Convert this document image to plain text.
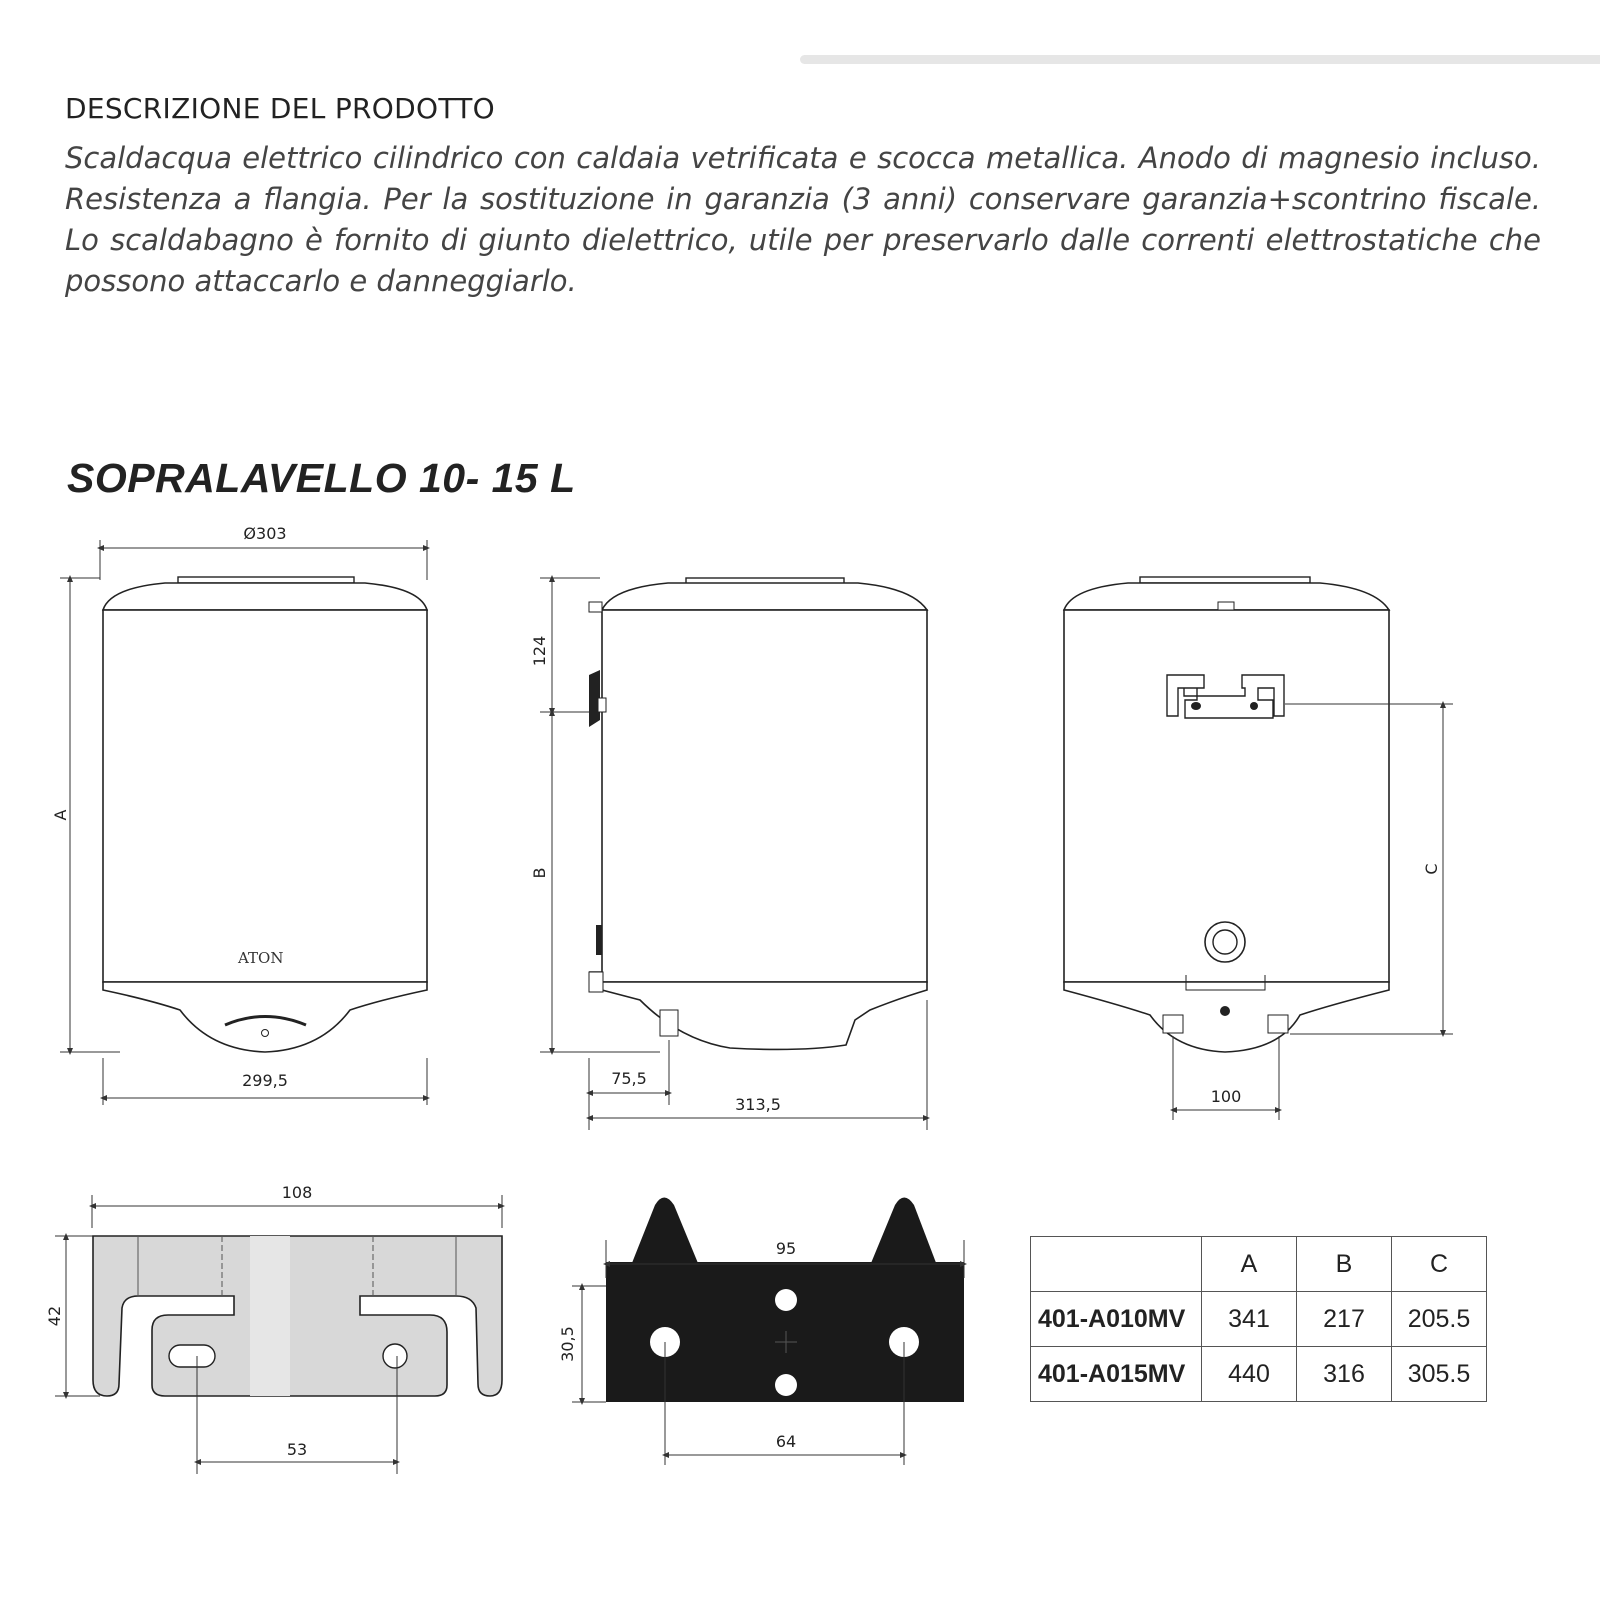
DESCRIZIONE DEL PRODOTTO

Scaldacqua elettrico cilindrico con caldaia vetrificata e scocca metallica. Anodo di magnesio incluso. Resistenza a flangia. Per la sostituzione in garanzia (3 anni) conservare garanzia+scontrino fiscale. Lo scaldabagno è fornito di giunto dielettrico, utile per preservarlo dalle correnti elettrostatiche che possono attaccarlo e danneggiarlo.

SOPRALAVELLO 10- 15 L
Ø303
A
ATON
299,5
124
B
75,5
313,5
C
100
108
42
53
95
30,5
64
	A	B	C
401-A010MV	341	217	205.5
401-A015MV	440	316	305.5
